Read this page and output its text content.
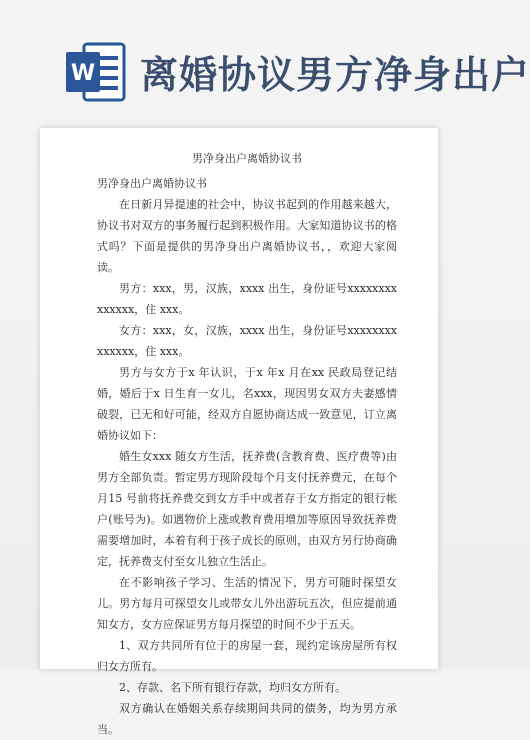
W 离婚协议男方净身出户
男净身出户离婚协议书

男净身出户离婚协议书

在日新月异提速的社会中，协议书起到的作用越来越大，协议书对双方的事务履行起到积极作用。大家知道协议书的格式吗？下面是提供的男净身出户离婚协议书，，欢迎大家阅读。

男方：xxx，男，汉族，xxxx 出生，身份证号xxxxxxxxxxxxxx，住 xxx。

女方：xxx，女，汉族，xxxx 出生，身份证号xxxxxxxxxxxxxx，住 xxx。

男方与女方于x 年认识，于x 年x 月在xx 民政局登记结婚，婚后于x 日生育一女儿，名xxx，现因男女双方夫妻感情破裂，已无和好可能，经双方自愿协商达成一致意见，订立离婚协议如下：

婚生女xxx 随女方生活，抚养费(含教育费、医疗费等)由男方全部负责。暂定男方现阶段每个月支付抚养费元，在每个月15 号前将抚养费交到女方手中或者存于女方指定的银行帐户(账号为)。如遇物价上涨或教育费用增加等原因导致抚养费需要增加时，本着有利于孩子成长的原则，由双方另行协商确定，抚养费支付至女儿独立生活止。

在不影响孩子学习、生活的情况下，男方可随时探望女儿。男方每月可探望女儿或带女儿外出游玩五次，但应提前通知女方，女方应保证男方每月探望的时间不少于五天。

1、双方共同所有位于的房屋一套，现约定该房屋所有权归女方所有。

2、存款、名下所有银行存款，均归女方所有。

双方确认在婚姻关系存续期间共同的债务，均为男方承当。
